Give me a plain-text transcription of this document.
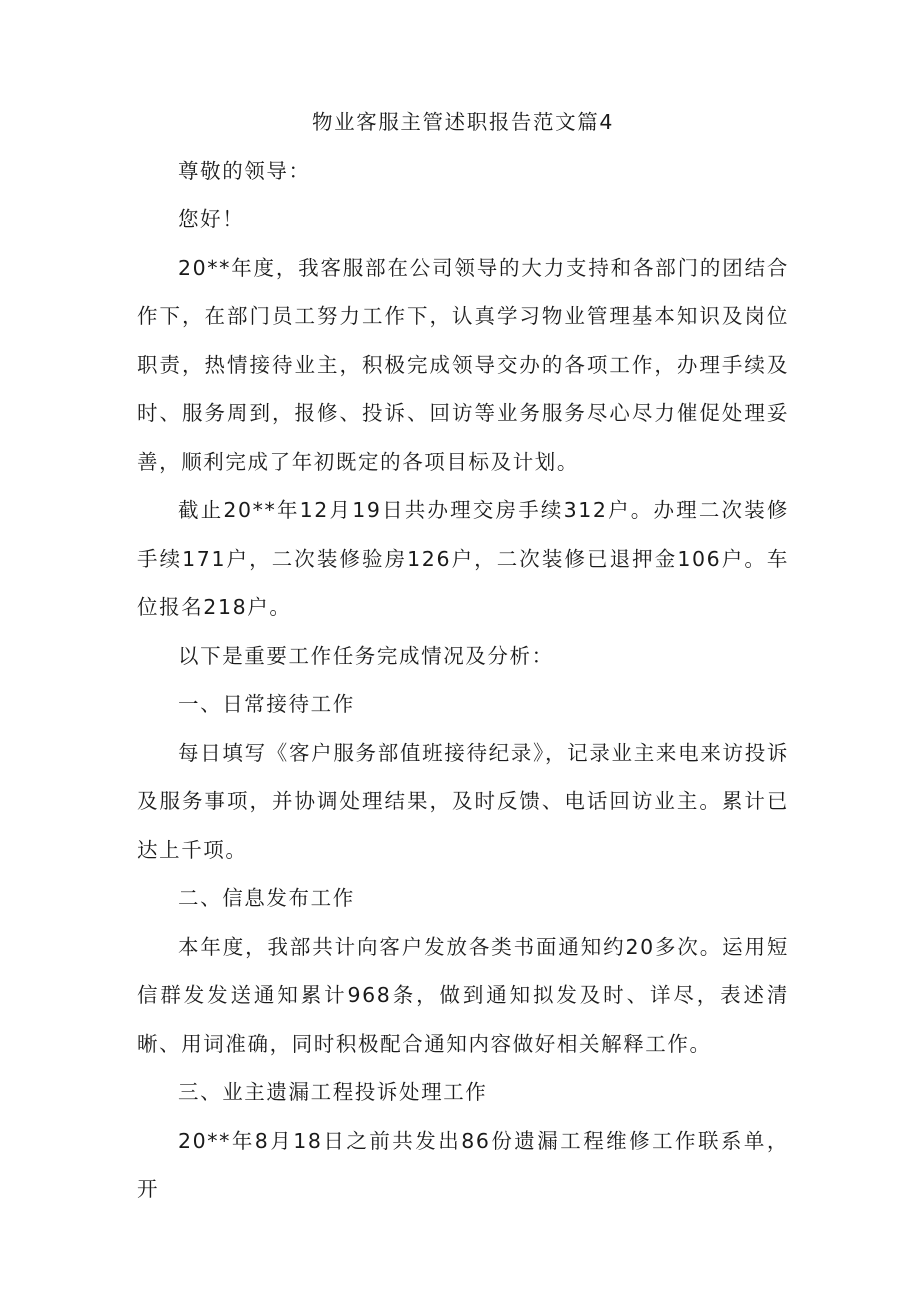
物业客服主管述职报告范文篇4

尊敬的领导：

您好！

20**年度，我客服部在公司领导的大力支持和各部门的团结合作下，在部门员工努力工作下，认真学习物业管理基本知识及岗位职责，热情接待业主，积极完成领导交办的各项工作，办理手续及时、服务周到，报修、投诉、回访等业务服务尽心尽力催促处理妥善，顺利完成了年初既定的各项目标及计划。

截止20**年12月19日共办理交房手续312户。办理二次装修手续171户，二次装修验房126户，二次装修已退押金106户。车位报名218户。

以下是重要工作任务完成情况及分析：

一、日常接待工作

每日填写《客户服务部值班接待纪录》，记录业主来电来访投诉及服务事项，并协调处理结果，及时反馈、电话回访业主。累计已达上千项。

二、信息发布工作

本年度，我部共计向客户发放各类书面通知约20多次。运用短信群发发送通知累计968条，做到通知拟发及时、详尽，表述清晰、用词准确，同时积极配合通知内容做好相关解释工作。

三、业主遗漏工程投诉处理工作

20**年8月18日之前共发出86份遗漏工程维修工作联系单，开
